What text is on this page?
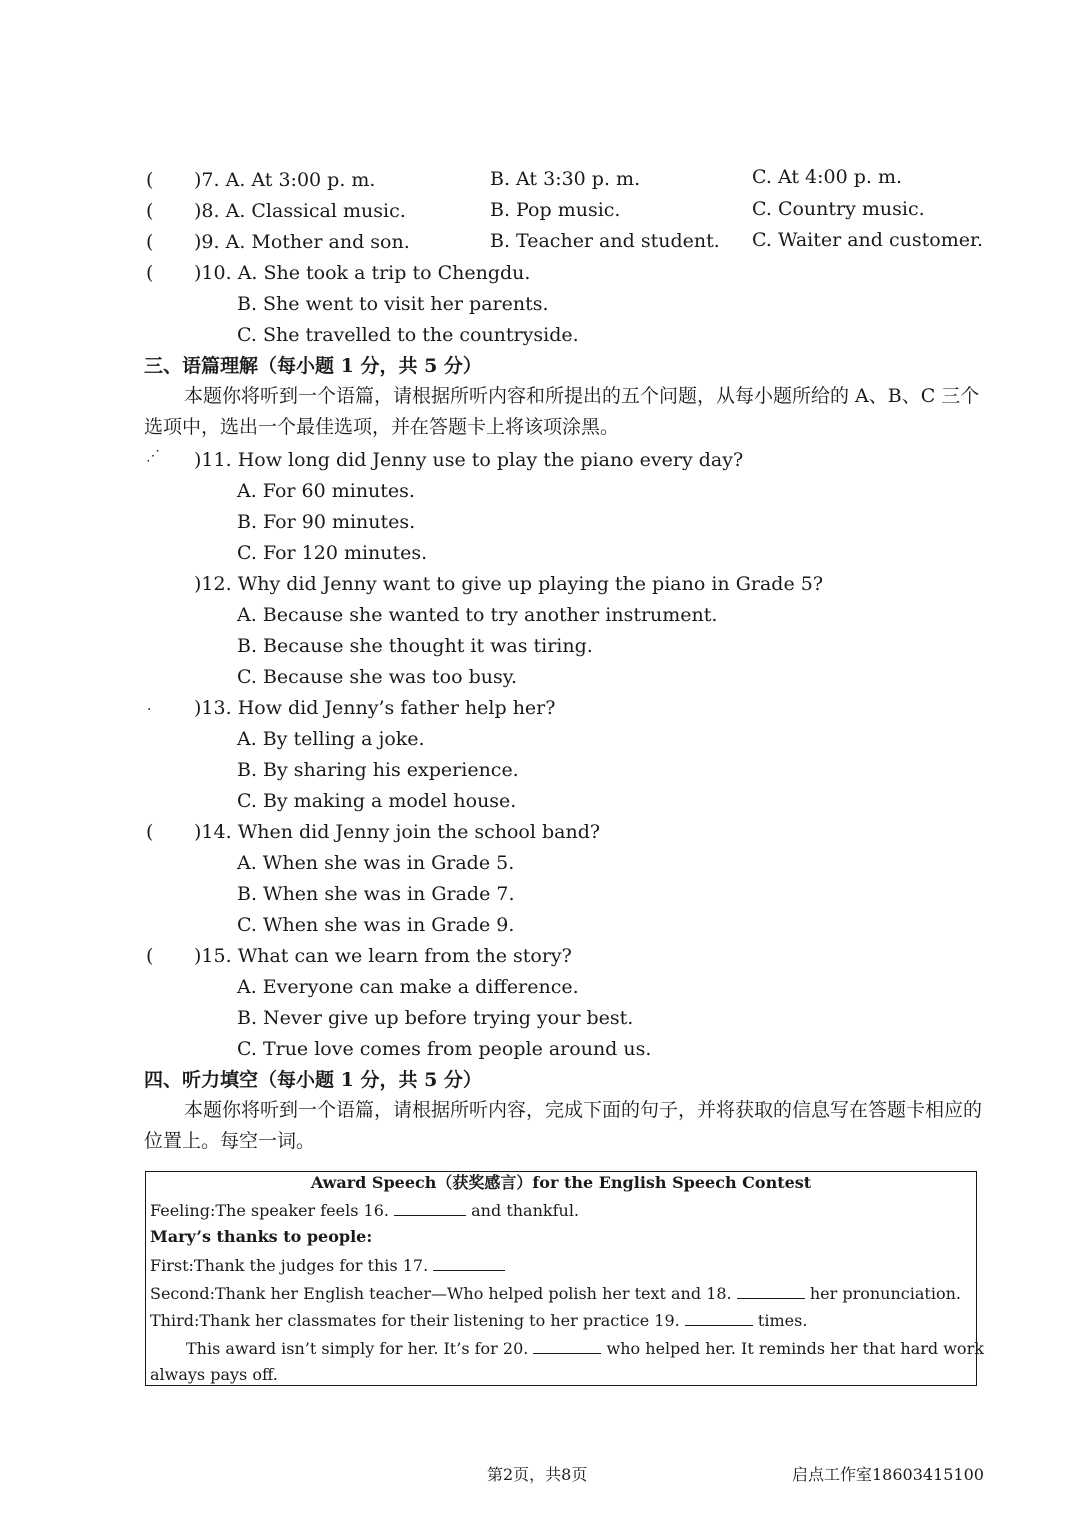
( )7. A. At 3:00 p. m.	B. At 3:30 p. m.	C. At 4:00 p. m.
( )8. A. Classical music.	B. Pop music.	C. Country music.
( )9. A. Mother and son.	B. Teacher and student. C. Waiter and customer.
( )10. A. She took a trip to Chengdu.
B. She went to visit her parents.
C. She travelled to the countryside.
三、语篇理解（每小题 1 分，共 5 分）
本题你将听到一个语篇，请根据所听内容和所提出的五个问题，从每小题所给的 A、B、C 三个选项中，选出一个最佳选项，并在答题卡上将该项涂黑。
⋰ )11. How long did Jenny use to play the piano every day?
A. For 60 minutes.
B. For 90 minutes.
C. For 120 minutes.
)12. Why did Jenny want to give up playing the piano in Grade 5?
A. Because she wanted to try another instrument.
B. Because she thought it was tiring.
C. Because she was too busy.
· )13. How did Jenny’s father help her?
A. By telling a joke.
B. By sharing his experience.
C. By making a model house.
( )14. When did Jenny join the school band?
A. When she was in Grade 5.
B. When she was in Grade 7.
C. When she was in Grade 9.
( )15. What can we learn from the story?
A. Everyone can make a difference.
B. Never give up before trying your best.
C. True love comes from people around us.
四、听力填空（每小题 1 分，共 5 分）
本题你将听到一个语篇，请根据所听内容，完成下面的句子，并将获取的信息写在答题卡相应的位置上。每空一词。
Award Speech（获奖感言）for the English Speech Contest
Feeling:The speaker feels 16.	and thankful.
Mary’s thanks to people:
First:Thank the judges for this 17.
Second:Thank her English teacher—Who helped polish her text and 18.	her pronunciation.
Third:Thank her classmates for their listening to her practice 19.	times.
This award isn’t simply for her. It’s for 20.	who helped her. It reminds her that hard work
always pays off.
第2页，共8页	启点工作室18603415100
